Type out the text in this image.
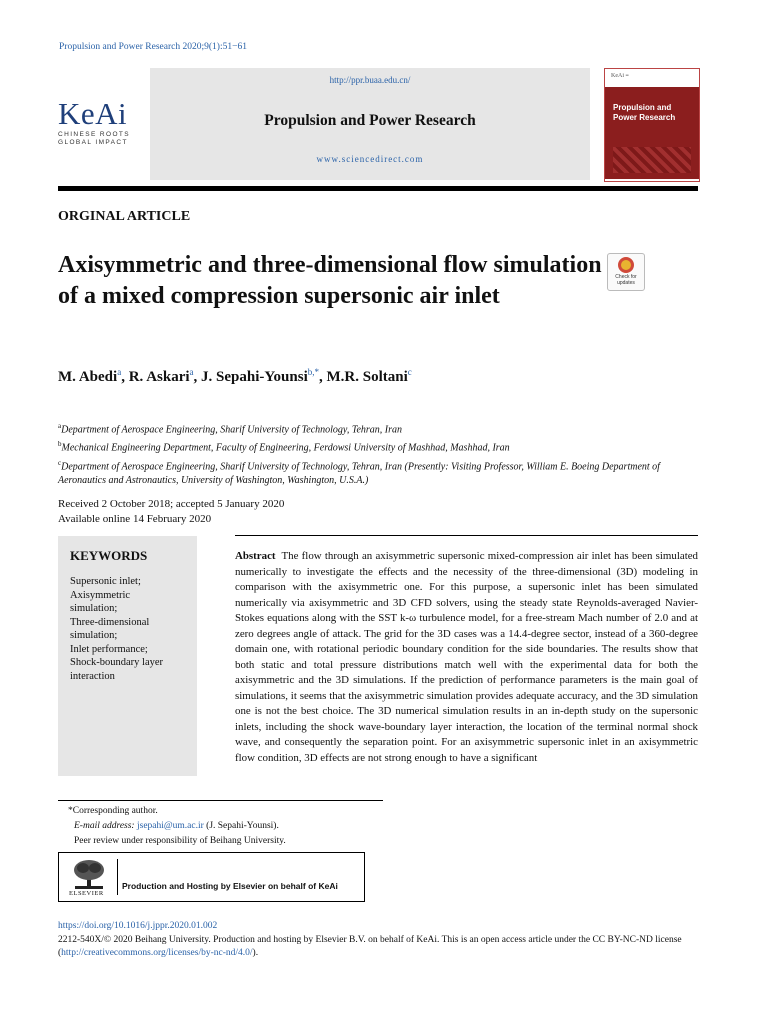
Propulsion and Power Research 2020;9(1):51−61
KeAi
CHINESE ROOTS
GLOBAL IMPACT
http://ppr.buaa.edu.cn/
Propulsion and Power Research
www.sciencedirect.com
KeAi ≡
Propulsion and Power Research
ORGINAL ARTICLE
Axisymmetric and three-dimensional flow simulation of a mixed compression supersonic air inlet
Check for updates
M. Abedi$^a$, R. Askari$^a$, J. Sepahi-Younsi$^{b,*}$, M.R. Soltani$^c$
$^a$Department of Aerospace Engineering, Sharif University of Technology, Tehran, Iran
$^b$Mechanical Engineering Department, Faculty of Engineering, Ferdowsi University of Mashhad, Mashhad, Iran
$^c$Department of Aerospace Engineering, Sharif University of Technology, Tehran, Iran (Presently: Visiting Professor, William E. Boeing Department of Aeronautics and Astronautics, University of Washington, Washington, U.S.A.)
Received 2 October 2018; accepted 5 January 2020
Available online 14 February 2020
KEYWORDS
Supersonic inlet;
Axisymmetric
simulation;
Three-dimensional
simulation;
Inlet performance;
Shock-boundary layer
interaction
Abstract The flow through an axisymmetric supersonic mixed-compression air inlet has been simulated numerically to investigate the effects and the necessity of the three-dimensional (3D) modeling in comparison with the axisymmetric one. For this purpose, a supersonic inlet has been simulated numerically via axisymmetric and 3D CFD solvers, using the steady state Reynolds-averaged Navier-Stokes equations along with the SST k-ω turbulence model, for a free-stream Mach number of 2.0 and at zero degrees angle of attack. The grid for the 3D cases was a 14.4-degree sector, instead of a 360-degree domain one, with rotational periodic boundary condition for the side boundaries. The results show that both static and total pressure distributions match well with the experimental data for both the axisymmetric and the 3D simulations. If the prediction of performance parameters is the main goal of simulations, it seems that the axisymmetric simulation provides adequate accuracy, and the 3D simulation one is not the best choice. The 3D numerical simulation results in an in-depth study on the supersonic inlets, including the shock wave-boundary layer interaction, the location of the terminal normal shock wave, and consequently the separation point. For an axisymmetric supersonic inlet in an axisymmetric flow condition, 3D effects are not strong enough to have a significant
*Corresponding author.
E-mail address: jsepahi@um.ac.ir (J. Sepahi-Younsi).
Peer review under responsibility of Beihang University.
ELSEVIER
Production and Hosting by Elsevier on behalf of KeAi
https://doi.org/10.1016/j.jppr.2020.01.002
2212-540X/© 2020 Beihang University. Production and hosting by Elsevier B.V. on behalf of KeAi. This is an open access article under the CC BY-NC-ND license (http://creativecommons.org/licenses/by-nc-nd/4.0/).
